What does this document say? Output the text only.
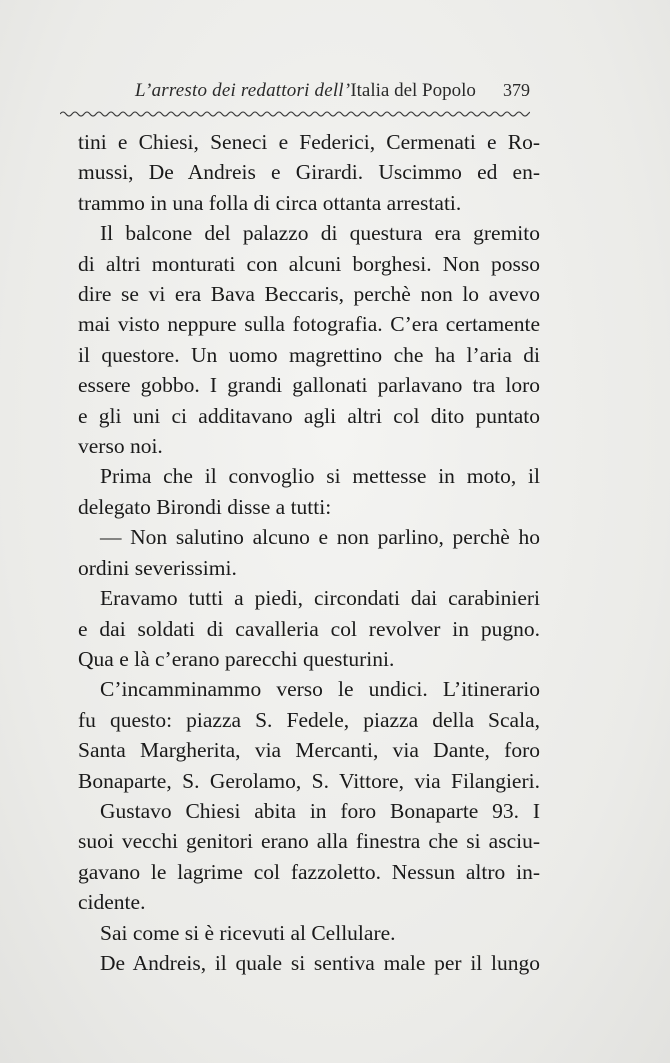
L’arresto dei redattori dell’Italia del Popolo 379
tini e Chiesi, Seneci e Federici, Cermenati e Ro-
mussi, De Andreis e Girardi. Uscimmo ed en-
trammo in una folla di circa ottanta arrestati.
Il balcone del palazzo di questura era gremito
di altri monturati con alcuni borghesi. Non posso
dire se vi era Bava Beccaris, perchè non lo avevo
mai visto neppure sulla fotografia. C’era certamente
il questore. Un uomo magrettino che ha l’aria di
essere gobbo. I grandi gallonati parlavano tra loro
e gli uni ci additavano agli altri col dito puntato
verso noi.
Prima che il convoglio si mettesse in moto, il
delegato Birondi disse a tutti:
— Non salutino alcuno e non parlino, perchè ho
ordini severissimi.
Eravamo tutti a piedi, circondati dai carabinieri
e dai soldati di cavalleria col revolver in pugno.
Qua e là c’erano parecchi questurini.
C’incamminammo verso le undici. L’itinerario
fu questo: piazza S. Fedele, piazza della Scala,
Santa Margherita, via Mercanti, via Dante, foro
Bonaparte, S. Gerolamo, S. Vittore, via Filangieri.
Gustavo Chiesi abita in foro Bonaparte 93. I
suoi vecchi genitori erano alla finestra che si asciu-
gavano le lagrime col fazzoletto. Nessun altro in-
cidente.
Sai come si è ricevuti al Cellulare.
De Andreis, il quale si sentiva male per il lungo
